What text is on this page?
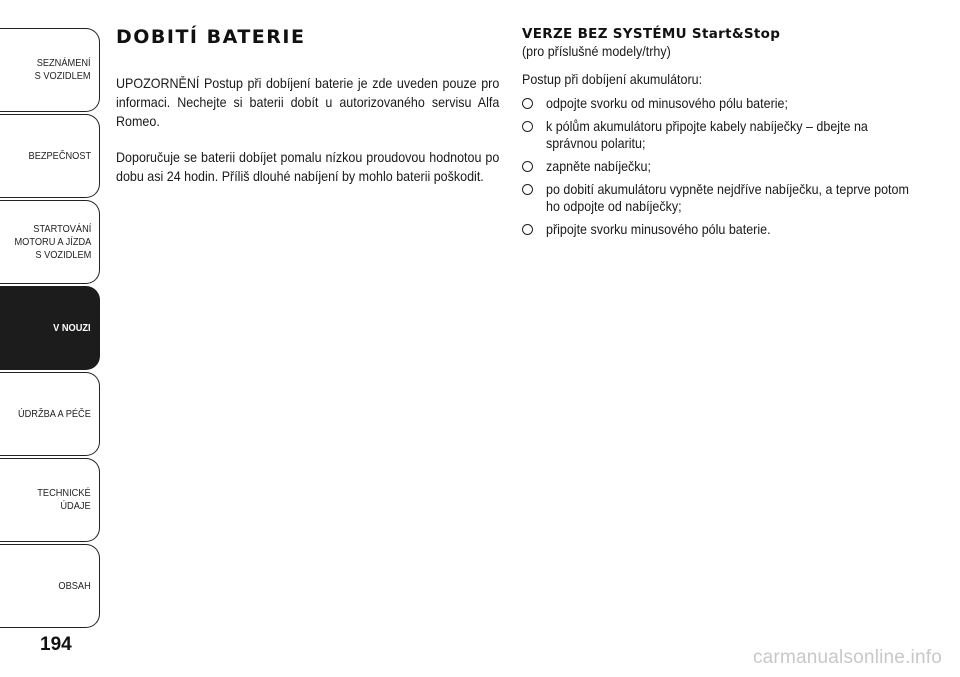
SEZNÁMENÍ
S VOZIDLEM
BEZPEČNOST
STARTOVÁNÍ
MOTORU A JÍZDA
S VOZIDLEM
V NOUZI
ÚDRŽBA A PÉČE
TECHNICKÉ
ÚDAJE
OBSAH
194
DOBITÍ BATERIE

UPOZORNĚNÍ Postup při dobíjení baterie je zde uveden pouze pro informaci. Nechejte si baterii dobít u autorizovaného servisu Alfa Romeo.

Doporučuje se baterii dobíjet pomalu nízkou proudovou hodnotou po dobu asi 24 hodin. Příliš dlouhé nabíjení by mohlo baterii poškodit.

VERZE BEZ SYSTÉMU Start&Stop
(pro příslušné modely/trhy)
Postup při dobíjení akumulátoru:
odpojte svorku od minusového pólu baterie;
k pólům akumulátoru připojte kabely nabíječky – dbejte na správnou polaritu;
zapněte nabíječku;
po dobití akumulátoru vypněte nejdříve nabíječku, a teprve potom ho odpojte od nabíječky;
připojte svorku minusového pólu baterie.
carmanualsonline.info
